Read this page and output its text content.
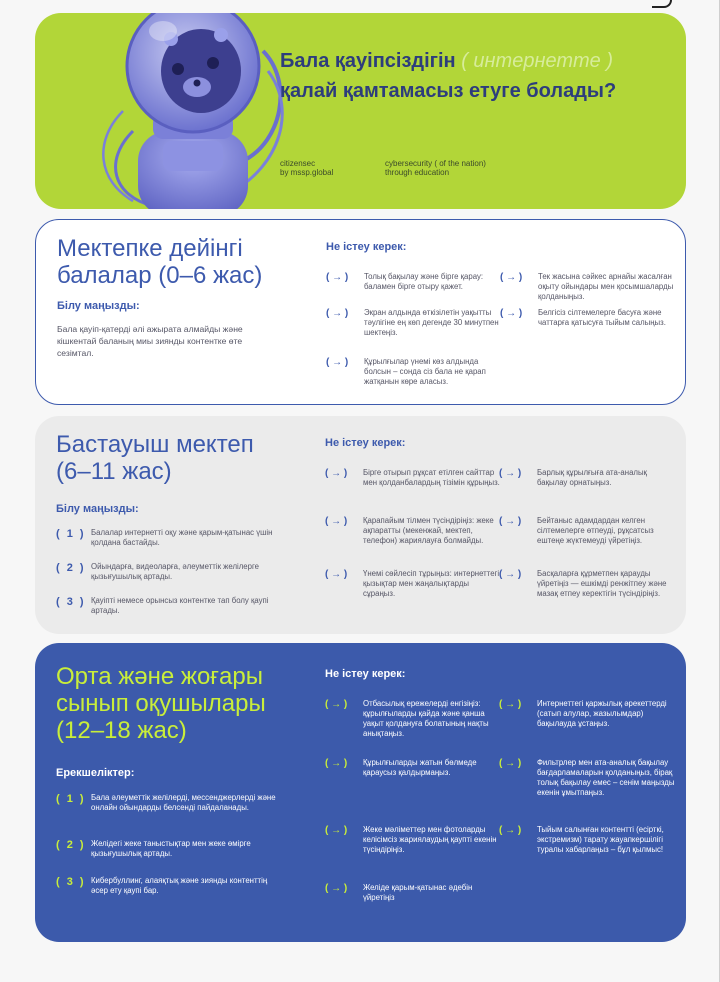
Бала қауіпсіздігін ( интернетте )
қалай қамтамасыз етуге болады?
citizensec
by mssp.global
cybersecurity ( of the nation)
through education
Мектепке дейінгі
балалар (0–6 жас)
Білу маңызды:
Бала қауіп-қатерді әлі ажырата алмайды және кішкентай баланың миы зиянды контентке өте сезімтал.
Не істеу керек:
( → ) Толық бақылау және бірге қарау: баламен бірге отыру қажет.
( → ) Тек жасына сәйкес арнайы жасалған оқыту ойындары мен қосымшаларды қолданыңыз.
( → ) Экран алдында өткізілетін уақытты тәулігіне ең көп дегенде 30 минутпен шектеңіз.
( → ) Белгісіз сілтемелерге басуға және чаттарға қатысуға тыйым салыңыз.
( → ) Құрылғылар үнемі көз алдында болсын – сонда сіз бала не қарап жатқанын көре аласыз.
Бастауыш мектеп
(6–11 жас)
Білу маңызды:
( 1 ) Балалар интернетті оқу және қарым-қатынас үшін қолдана бастайды.
( 2 ) Ойындарға, видеоларға, әлеуметтік желілерге қызығушылық артады.
( 3 ) Қауіпті немесе орынсыз контентке тап болу қаупі артады.
Не істеу керек:
( → ) Бірге отырып рұқсат етілген сайттар мен қолданбалардың тізімін құрыңыз.
( → ) Барлық құрылғыға ата-аналық бақылау орнатыңыз.
( → ) Қарапайым тілмен түсіндіріңіз: жеке ақпаратты (мекенжай, мектеп, телефон) жариялауға болмайды.
( → ) Бейтаныс адамдардан келген сілтемелерге өтпеуді, рұқсатсыз ештеңе жүктемеуді үйретіңіз.
( → ) Үнемі сөйлесіп тұрыңыз: интернеттегі қызықтар мен жаңалықтарды сұраңыз.
( → ) Басқаларға құрметпен қарауды үйретіңіз — ешкімді ренжітпеу және мазақ етпеу керектігін түсіндіріңіз.
Орта және жоғары
сынып оқушылары
(12–18 жас)
Ерекшеліктер:
( 1 ) Бала әлеуметтік желілерді, мессенджерлерді және онлайн ойындарды белсенді пайдаланады.
( 2 ) Желідегі жеке таныстықтар мен жеке өмірге қызығушылық артады.
( 3 ) Кибербуллинг, алаяқтық және зиянды контенттің әсер ету қаупі бар.
Не істеу керек:
( → ) Отбасылық ережелерді енгізіңіз: құрылғыларды қайда және қанша уақыт қолдануға болатының нақты анықтаңыз.
( → ) Интернеттегі қаржылық әрекеттерді (сатып алулар, жазылымдар) бақылауда ұстаңыз.
( → ) Құрылғыларды жатын бөлмеде қараусыз қалдырмаңыз.
( → ) Фильтрлер мен ата-аналық бақылау бағдарламаларын қолданыңыз, бірақ толық бақылау емес – сенім маңызды екенін ұмытпаңыз.
( → ) Жеке мәліметтер мен фотоларды келісімсіз жариялаудың қаупті екенін түсіндіріңіз.
( → ) Тыйым салынған контентті (есірткі, экстремизм) тарату жауапкершілігі туралы хабарлаңыз – бұл қылмыс!
( → ) Желіде қарым-қатынас әдебін үйретіңіз
